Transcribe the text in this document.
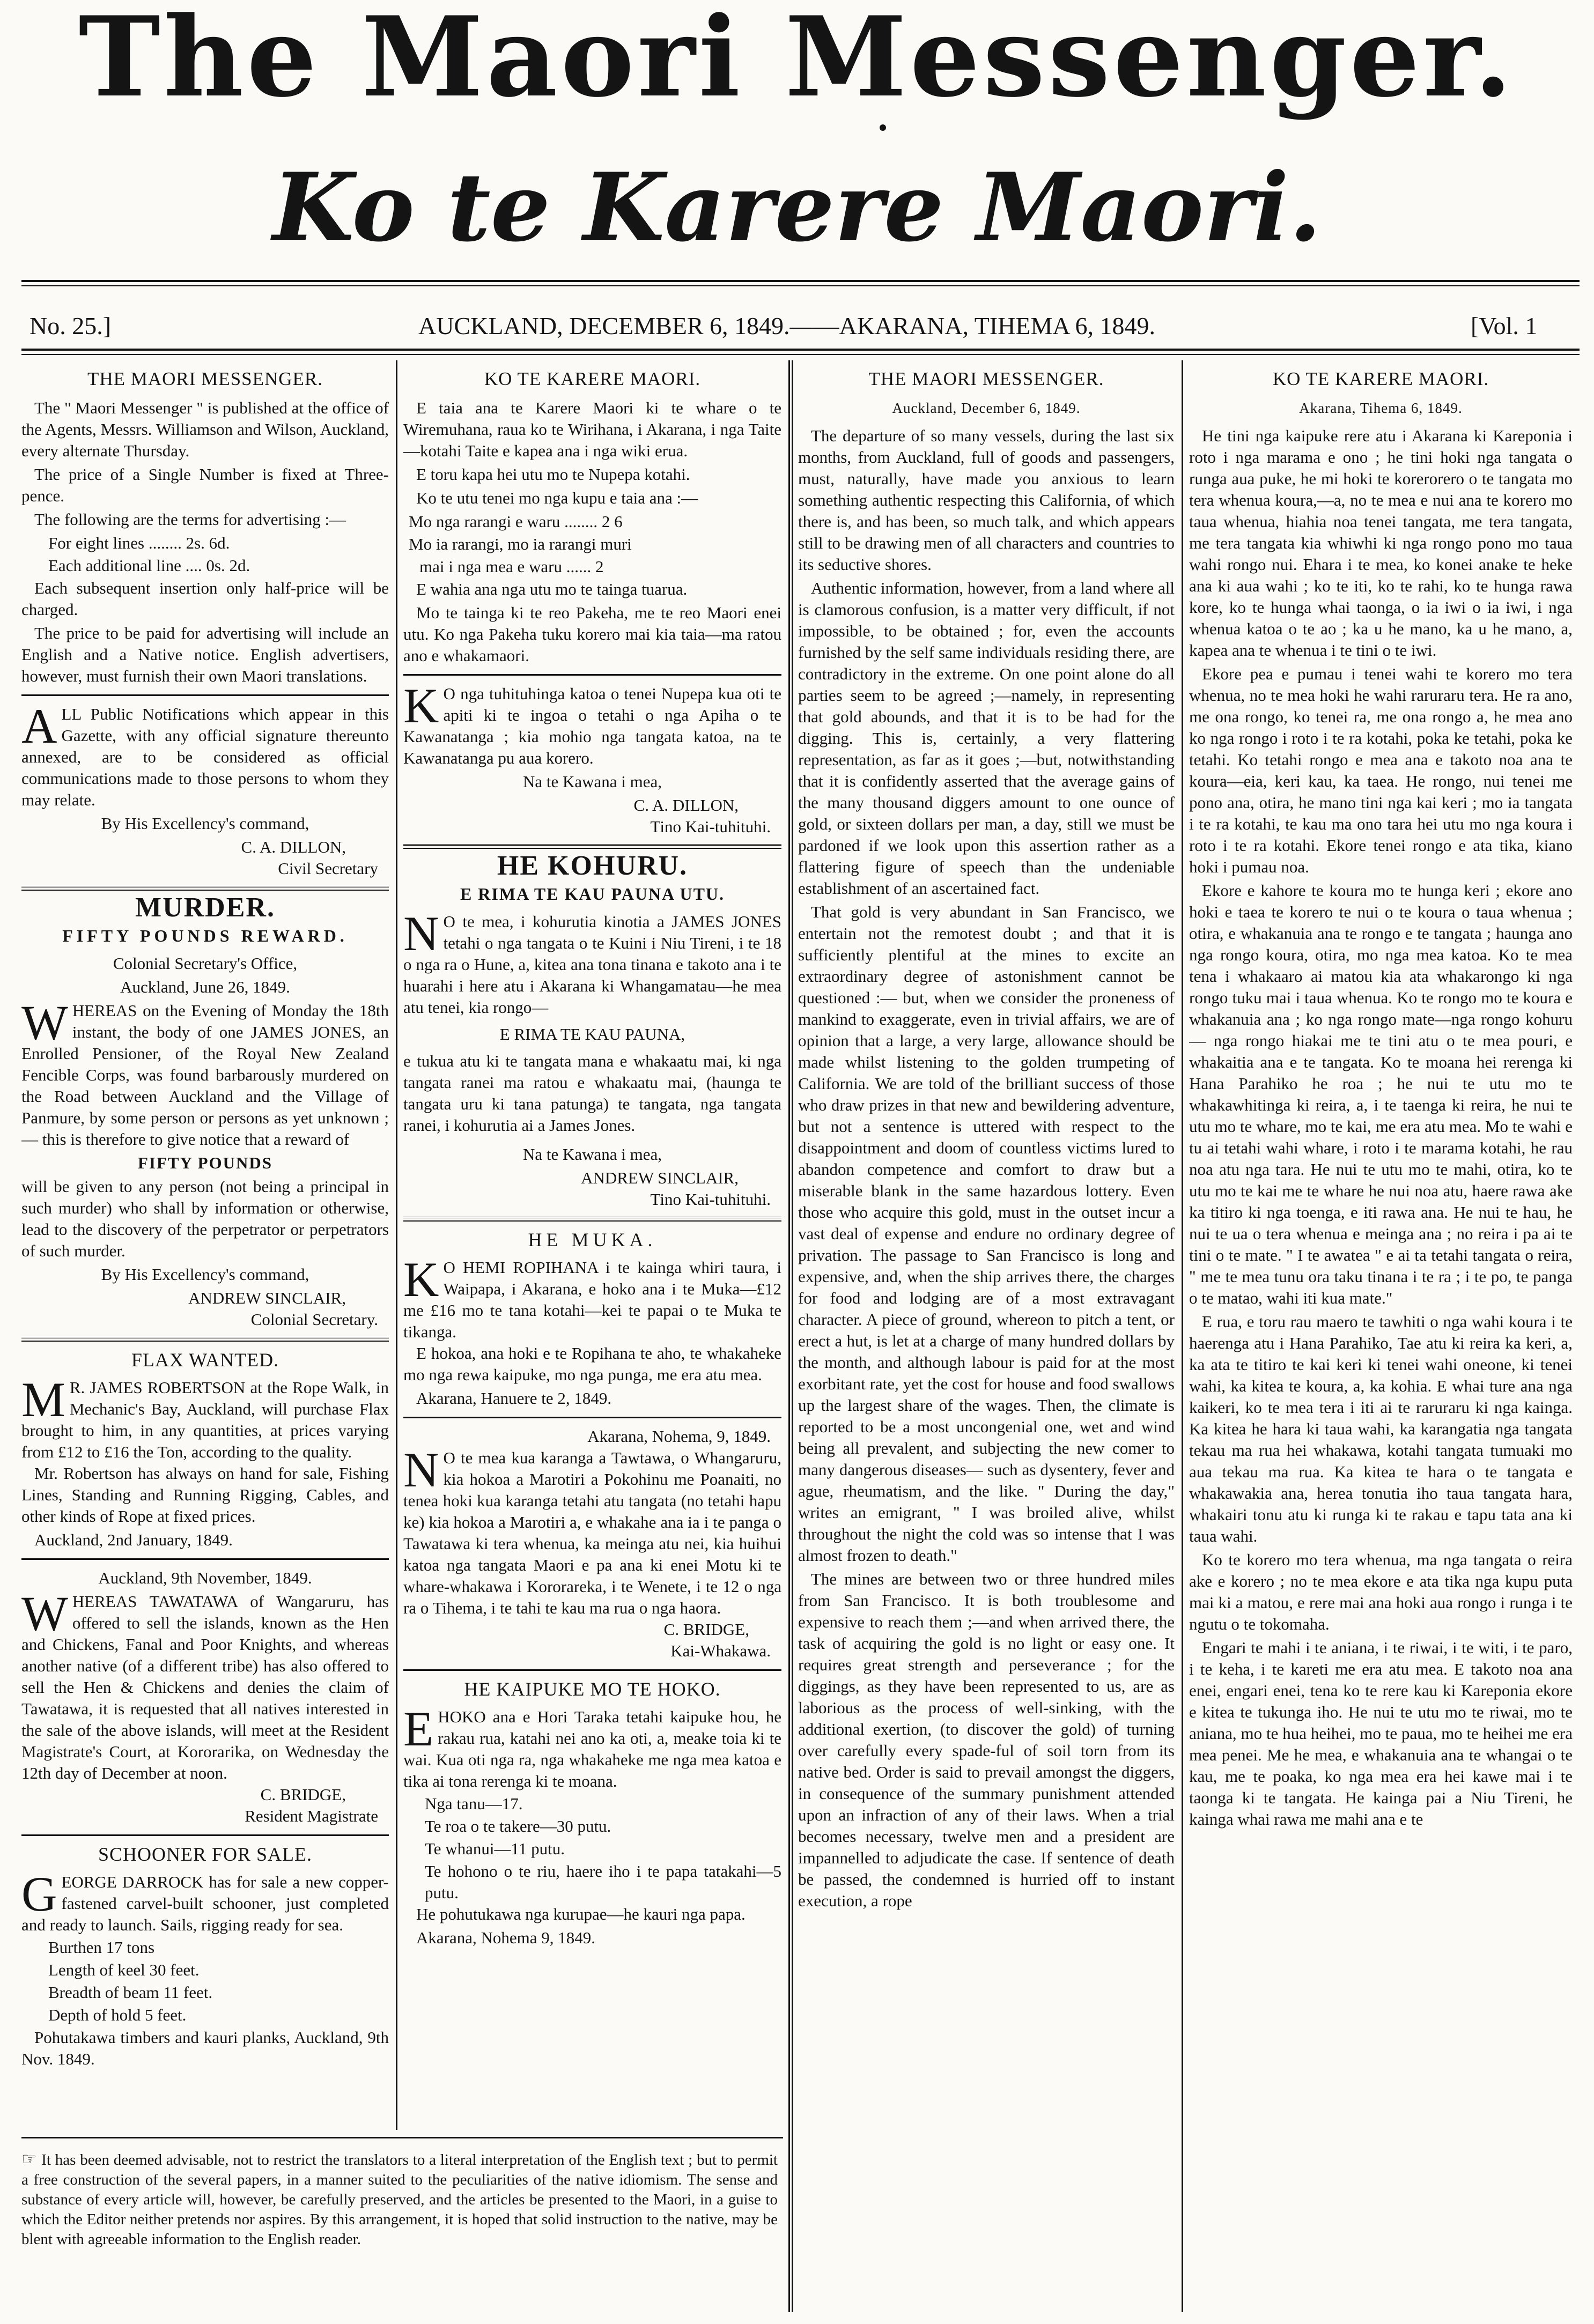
The Maori Messenger.
Ko te Karere Maori.
No. 25.]	AUCKLAND, DECEMBER 6, 1849.——AKARANA, TIHEMA 6, 1849.	[Vol. 1
THE MAORI MESSENGER.

The " Maori Messenger " is published at the office of the Agents, Messrs. Williamson and Wilson, Auckland, every alternate Thursday.

The price of a Single Number is fixed at Three-pence.

The following are the terms for advertising :—

For eight lines ........ 2s. 6d.
Each additional line .... 0s. 2d.

Each subsequent insertion only half-price will be charged.

The price to be paid for advertising will include an English and a Native notice. English advertisers, however, must furnish their own Maori translations.

ALL Public Notifications which appear in this Gazette, with any official signature thereunto annexed, are to be considered as official communications made to those persons to whom they may relate.
By His Excellency's command,
C. A. DILLON,
Civil Secretary
MURDER.
FIFTY POUNDS REWARD.
Colonial Secretary's Office,
Auckland, June 26, 1849.
WHEREAS on the Evening of Monday the 18th instant, the body of one JAMES JONES, an Enrolled Pensioner, of the Royal New Zealand Fencible Corps, was found barbarously murdered on the Road between Auckland and the Village of Panmure, by some person or persons as yet unknown ;— this is therefore to give notice that a reward of
FIFTY POUNDS
will be given to any person (not being a principal in such murder) who shall by information or otherwise, lead to the discovery of the perpetrator or perpetrators of such murder.
By His Excellency's command,
ANDREW SINCLAIR,
Colonial Secretary.
FLAX WANTED.
M R. JAMES ROBERTSON at the Rope Walk, in Mechanic's Bay, Auckland, will purchase Flax brought to him, in any quantities, at prices varying from £12 to £16 the Ton, according to the quality.

Mr. Robertson has always on hand for sale, Fishing Lines, Standing and Running Rigging, Cables, and other kinds of Rope at fixed prices.

Auckland, 2nd January, 1849.

Auckland, 9th November, 1849.
WHEREAS TAWATAWA of Wangaruru, has offered to sell the islands, known as the Hen and Chickens, Fanal and Poor Knights, and whereas another native (of a different tribe) has also offered to sell the Hen & Chickens and denies the claim of Tawatawa, it is requested that all natives interested in the sale of the above islands, will meet at the Resident Magistrate's Court, at Kororarika, on Wednesday the 12th day of December at noon.
C. BRIDGE,
Resident Magistrate
SCHOONER FOR SALE.
GEORGE DARROCK has for sale a new copper-fastened carvel-built schooner, just completed and ready to launch. Sails, rigging ready for sea.
Burthen 17 tons
Length of keel 30 feet.
Breadth of beam 11 feet.
Depth of hold 5 feet.

Pohutakawa timbers and kauri planks, Auckland, 9th Nov. 1849.

KO TE KARERE MAORI.

E taia ana te Karere Maori ki te whare o te Wiremuhana, raua ko te Wirihana, i Akarana, i nga Taite—kotahi Taite e kapea ana i nga wiki erua.

E toru kapa hei utu mo te Nupepa kotahi.

Ko te utu tenei mo nga kupu e taia ana :—

Mo nga rarangi e waru ........ 2 6
Mo ia rarangi, mo ia rarangi muri
mai i nga mea e waru ...... 2

E wahia ana nga utu mo te tainga tuarua.

Mo te tainga ki te reo Pakeha, me te reo Maori enei utu. Ko nga Pakeha tuku korero mai kia taia—ma ratou ano e whakamaori.

K O nga tuhituhinga katoa o tenei Nupepa kua oti te apiti ki te ingoa o tetahi o nga Apiha o te Kawanatanga ; kia mohio nga tangata katoa, na te Kawanatanga pu aua korero.
Na te Kawana i mea,
C. A. DILLON,
Tino Kai-tuhituhi.
HE KOHURU.
E RIMA TE KAU PAUNA UTU.
N O te mea, i kohurutia kinotia a JAMES JONES tetahi o nga tangata o te Kuini i Niu Tireni, i te 18 o nga ra o Hune, a, kitea ana tona tinana e takoto ana i te huarahi i here atu i Akarana ki Whangamatau—he mea atu tenei, kia rongo—
E RIMA TE KAU PAUNA,
e tukua atu ki te tangata mana e whakaatu mai, ki nga tangata ranei ma ratou e whakaatu mai, (haunga te tangata uru ki tana patunga) te tangata, nga tangata ranei, i kohurutia ai a James Jones.
Na te Kawana i mea,
ANDREW SINCLAIR,
Tino Kai-tuhituhi.
HE MUKA.
K O HEMI ROPIHANA i te kainga whiri taura, i Waipapa, i Akarana, e hoko ana i te Muka—£12 me £16 mo te tana kotahi—kei te papai o te Muka te tikanga.

E hokoa, ana hoki e te Ropihana te aho, te whakaheke mo nga rewa kaipuke, mo nga punga, me era atu mea.

Akarana, Hanuere te 2, 1849.

Akarana, Nohema, 9, 1849.
N O te mea kua karanga a Tawtawa, o Whangaruru, kia hokoa a Marotiri a Pokohinu me Poanaiti, no tenea hoki kua karanga tetahi atu tangata (no tetahi hapu ke) kia hokoa a Marotiri a, e whakahe ana ia i te panga o Tawatawa ki tera whenua, ka meinga atu nei, kia huihui katoa nga tangata Maori e pa ana ki enei Motu ki te whare-whakawa i Kororareka, i te Wenete, i te 12 o nga ra o Tihema, i te tahi te kau ma rua o nga haora.
C. BRIDGE,
Kai-Whakawa.
HE KAIPUKE MO TE HOKO.
EHOKO ana e Hori Taraka tetahi kaipuke hou, he rakau rua, katahi nei ano ka oti, a, meake toia ki te wai. Kua oti nga ra, nga whakaheke me nga mea katoa e tika ai tona rerenga ki te moana.
Nga tanu—17.
Te roa o te takere—30 putu.
Te whanui—11 putu.
Te hohono o te riu, haere iho i te papa tatakahi—5 putu.

He pohutukawa nga kurupae—he kauri nga papa.

Akarana, Nohema 9, 1849.

THE MAORI MESSENGER.
Auckland, December 6, 1849.

The departure of so many vessels, during the last six months, from Auckland, full of goods and passengers, must, naturally, have made you anxious to learn something authentic respecting this California, of which there is, and has been, so much talk, and which appears still to be drawing men of all characters and countries to its seductive shores.

Authentic information, however, from a land where all is clamorous confusion, is a matter very difficult, if not impossible, to be obtained ; for, even the accounts furnished by the self same individuals residing there, are contradictory in the extreme. On one point alone do all parties seem to be agreed ;—namely, in representing that gold abounds, and that it is to be had for the digging. This is, certainly, a very flattering representation, as far as it goes ;—but, notwithstanding that it is confidently asserted that the average gains of the many thousand diggers amount to one ounce of gold, or sixteen dollars per man, a day, still we must be pardoned if we look upon this assertion rather as a flattering figure of speech than the undeniable establishment of an ascertained fact.

That gold is very abundant in San Francisco, we entertain not the remotest doubt ; and that it is sufficiently plentiful at the mines to excite an extraordinary degree of astonishment cannot be questioned :— but, when we consider the proneness of mankind to exaggerate, even in trivial affairs, we are of opinion that a large, a very large, allowance should be made whilst listening to the golden trumpeting of California. We are told of the brilliant success of those who draw prizes in that new and bewildering adventure, but not a sentence is uttered with respect to the disappointment and doom of countless victims lured to abandon competence and comfort to draw but a miserable blank in the same hazardous lottery. Even those who acquire this gold, must in the outset incur a vast deal of expense and endure no ordinary degree of privation. The passage to San Francisco is long and expensive, and, when the ship arrives there, the charges for food and lodging are of a most extravagant character. A piece of ground, whereon to pitch a tent, or erect a hut, is let at a charge of many hundred dollars by the month, and although labour is paid for at the most exorbitant rate, yet the cost for house and food swallows up the largest share of the wages. Then, the climate is reported to be a most uncongenial one, wet and wind being all prevalent, and subjecting the new comer to many dangerous diseases— such as dysentery, fever and ague, rheumatism, and the like. " During the day," writes an emigrant, " I was broiled alive, whilst throughout the night the cold was so intense that I was almost frozen to death."

The mines are between two or three hundred miles from San Francisco. It is both troublesome and expensive to reach them ;—and when arrived there, the task of acquiring the gold is no light or easy one. It requires great strength and perseverance ; for the diggings, as they have been represented to us, are as laborious as the process of well-sinking, with the additional exertion, (to discover the gold) of turning over carefully every spade-ful of soil torn from its native bed. Order is said to prevail amongst the diggers, in consequence of the summary punishment attended upon an infraction of any of their laws. When a trial becomes necessary, twelve men and a president are impannelled to adjudicate the case. If sentence of death be passed, the condemned is hurried off to instant execution, a rope

KO TE KARERE MAORI.
Akarana, Tihema 6, 1849.

He tini nga kaipuke rere atu i Akarana ki Kareponia i roto i nga marama e ono ; he tini hoki nga tangata o runga aua puke, he mi hoki te korerorero o te tangata mo tera whenua koura,—a, no te mea e nui ana te korero mo taua whenua, hiahia noa tenei tangata, me tera tangata, me tera tangata kia whiwhi ki nga rongo pono mo taua wahi rongo nui. Ehara i te mea, ko konei anake te heke ana ki aua wahi ; ko te iti, ko te rahi, ko te hunga rawa kore, ko te hunga whai taonga, o ia iwi o ia iwi, i nga whenua katoa o te ao ; ka u he mano, ka u he mano, a, kapea ana te whenua i te tini o te iwi.

Ekore pea e pumau i tenei wahi te korero mo tera whenua, no te mea hoki he wahi raruraru tera. He ra ano, me ona rongo, ko tenei ra, me ona rongo a, he mea ano ko nga rongo i roto i te ra kotahi, poka ke tetahi, poka ke tetahi. Ko tetahi rongo e mea ana e takoto noa ana te koura—eia, keri kau, ka taea. He rongo, nui tenei me pono ana, otira, he mano tini nga kai keri ; mo ia tangata i te ra kotahi, te kau ma ono tara hei utu mo nga koura i roto i te ra kotahi. Ekore tenei rongo e ata tika, kiano hoki i pumau noa.

Ekore e kahore te koura mo te hunga keri ; ekore ano hoki e taea te korero te nui o te koura o taua whenua ; otira, e whakanuia ana te rongo e te tangata ; haunga ano nga rongo koura, otira, mo nga mea katoa. Ko te mea tena i whakaaro ai matou kia ata whakarongo ki nga rongo tuku mai i taua whenua. Ko te rongo mo te koura e whakanuia ana ; ko nga rongo mate—nga rongo kohuru— nga rongo hiakai me te tini atu o te mea pouri, e whakaitia ana e te tangata. Ko te moana hei rerenga ki Hana Parahiko he roa ; he nui te utu mo te whakawhitinga ki reira, a, i te taenga ki reira, he nui te utu mo te whare, mo te kai, me era atu mea. Mo te wahi e tu ai tetahi wahi whare, i roto i te marama kotahi, he rau noa atu nga tara. He nui te utu mo te mahi, otira, ko te utu mo te kai me te whare he nui noa atu, haere rawa ake ka titiro ki nga toenga, e iti rawa ana. He nui te hau, he nui te ua o tera whenua e meinga ana ; no reira i pa ai te tini o te mate. " I te awatea " e ai ta tetahi tangata o reira, " me te mea tunu ora taku tinana i te ra ; i te po, te panga o te matao, wahi iti kua mate."

E rua, e toru rau maero te tawhiti o nga wahi koura i te haerenga atu i Hana Parahiko, Tae atu ki reira ka keri, a, ka ata te titiro te kai keri ki tenei wahi oneone, ki tenei wahi, ka kitea te koura, a, ka kohia. E whai ture ana nga kaikeri, ko te mea tera i iti ai te raruraru ki nga kainga. Ka kitea he hara ki taua wahi, ka karangatia nga tangata tekau ma rua hei whakawa, kotahi tangata tumuaki mo aua tekau ma rua. Ka kitea te hara o te tangata e whakawakia ana, herea tonutia iho taua tangata hara, whakairi tonu atu ki runga ki te rakau e tapu tata ana ki taua wahi.

Ko te korero mo tera whenua, ma nga tangata o reira ake e korero ; no te mea ekore e ata tika nga kupu puta mai ki a matou, e rere mai ana hoki aua rongo i runga i te ngutu o te tokomaha.

Engari te mahi i te aniana, i te riwai, i te witi, i te paro, i te keha, i te kareti me era atu mea. E takoto noa ana enei, engari enei, tena ko te rere kau ki Kareponia ekore e kitea te tukunga iho. He nui te utu mo te riwai, mo te aniana, mo te hua heihei, mo te paua, mo te heihei me era mea penei. Me he mea, e whakanuia ana te whangai o te kau, me te poaka, ko nga mea era hei kawe mai i te taonga ki te tangata. He kainga pai a Niu Tireni, he kainga whai rawa me mahi ana e te

☞ It has been deemed advisable, not to restrict the translators to a literal interpretation of the English text ; but to permit a free construction of the several papers, in a manner suited to the peculiarities of the native idiomism. The sense and substance of every article will, however, be carefully preserved, and the articles be presented to the Maori, in a guise to which the Editor neither pretends nor aspires. By this arrangement, it is hoped that solid instruction to the native, may be blent with agreeable information to the English reader.
